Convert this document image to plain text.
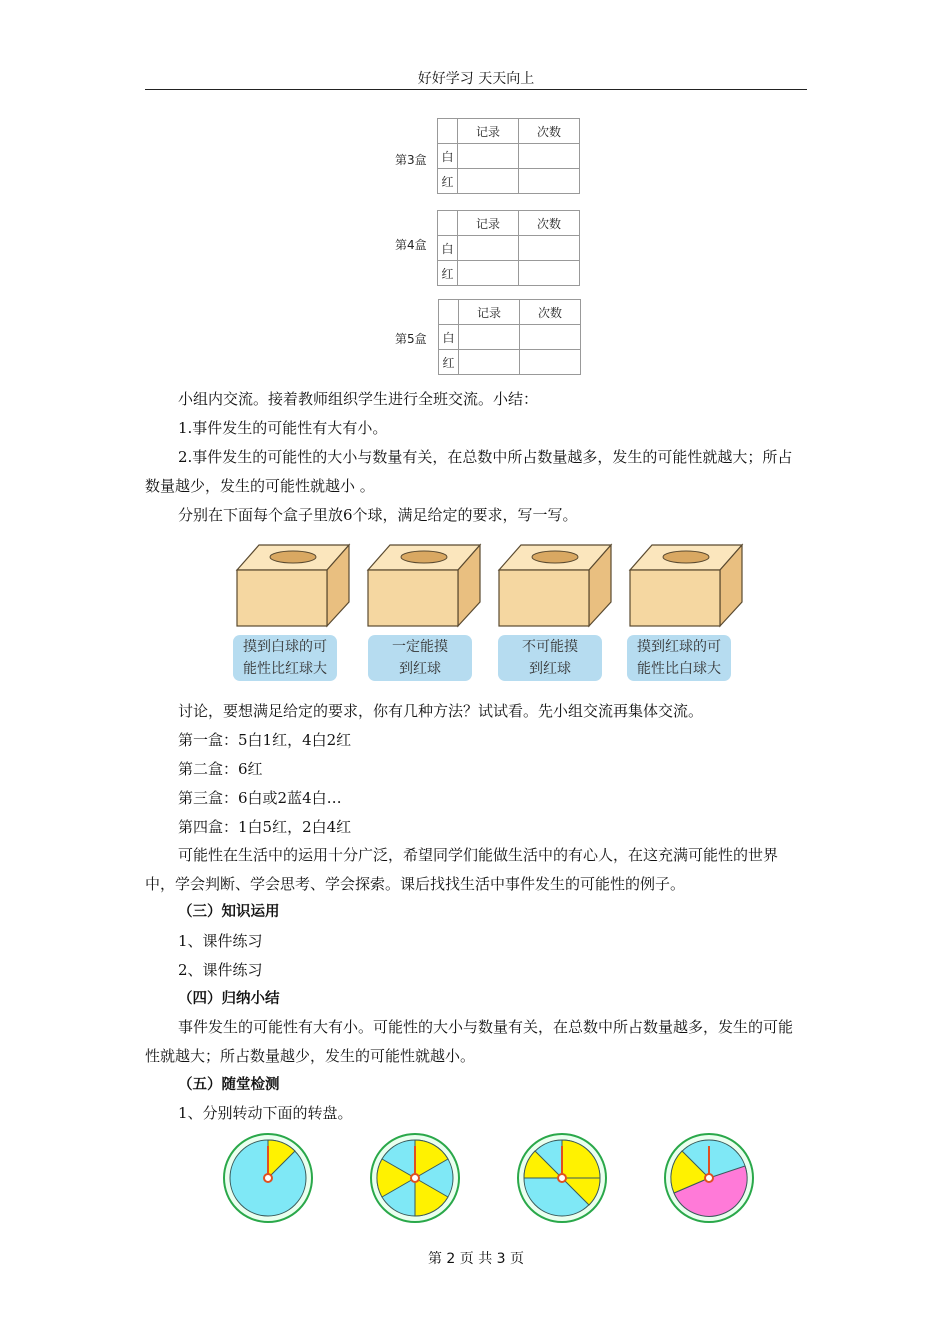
好好学习 天天向上
第3盒
	记录	次数
白		
红		
第4盒
	记录	次数
白		
红		
第5盒
	记录	次数
白		
红		

小组内交流。接着教师组织学生进行全班交流。小结：

1.事件发生的可能性有大有小。

2.事件发生的可能性的大小与数量有关，在总数中所占数量越多，发生的可能性就越大；所占数量越少，发生的可能性就越小 。

分别在下面每个盒子里放6个球，满足给定的要求，写一写。

摸到白球的可
能性比红球大
一定能摸
到红球
不可能摸
到红球
摸到红球的可
能性比白球大

讨论，要想满足给定的要求，你有几种方法？试试看。先小组交流再集体交流。

第一盒：5白1红，4白2红

第二盒：6红

第三盒：6白或2蓝4白…

第四盒：1白5红，2白4红

可能性在生活中的运用十分广泛，希望同学们能做生活中的有心人，在这充满可能性的世界中，学会判断、学会思考、学会探索。课后找找生活中事件发生的可能性的例子。

（三）知识运用

1、课件练习

2、课件练习

（四）归纳小结

事件发生的可能性有大有小。可能性的大小与数量有关，在总数中所占数量越多，发生的可能性就越大；所占数量越少，发生的可能性就越小。

（五）随堂检测

1、分别转动下面的转盘。

第 2 页 共 3 页
